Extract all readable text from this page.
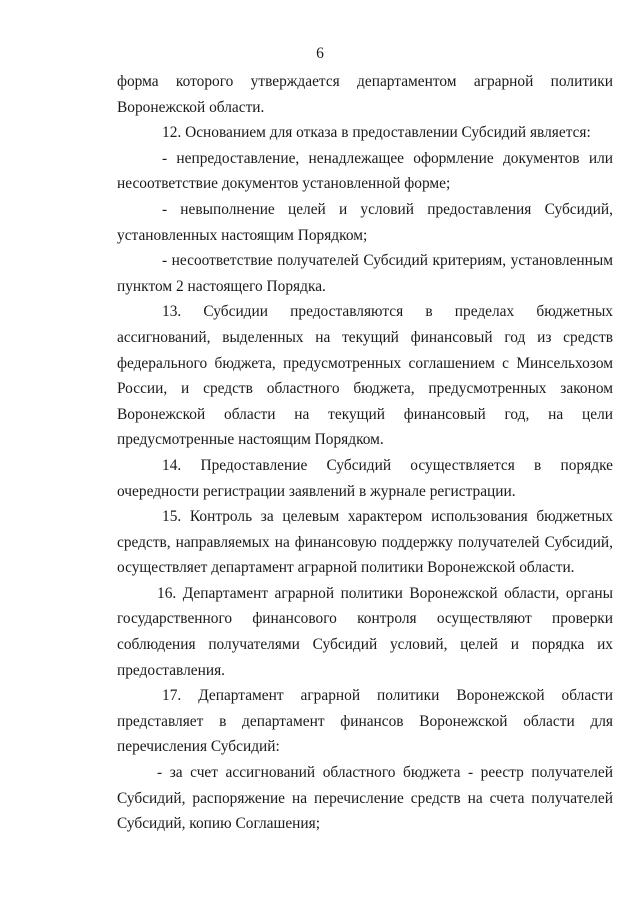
6

форма которого утверждается департаментом аграрной политики Воронежской области.

12. Основанием для отказа в предоставлении Субсидий является:

- непредоставление, ненадлежащее оформление документов или несоответствие документов установленной форме;

- невыполнение целей и условий предоставления Субсидий, установленных настоящим Порядком;

- несоответствие получателей Субсидий критериям, установленным пунктом 2 настоящего Порядка.

13. Субсидии предоставляются в пределах бюджетных ассигнований, выделенных на текущий финансовый год из средств федерального бюджета, предусмотренных соглашением с Минсельхозом России, и средств областного бюджета, предусмотренных законом Воронежской области на текущий финансовый год, на цели предусмотренные настоящим Порядком.

14. Предоставление Субсидий осуществляется в порядке очередности регистрации заявлений в журнале регистрации.

15. Контроль за целевым характером использования бюджетных средств, направляемых на финансовую поддержку получателей Субсидий, осуществляет департамент аграрной политики Воронежской области.

16. Департамент аграрной политики Воронежской области, органы государственного финансового контроля осуществляют проверки соблюдения получателями Субсидий условий, целей и порядка их предоставления.

17. Департамент аграрной политики Воронежской области представляет в департамент финансов Воронежской области для перечисления Субсидий:

- за счет ассигнований областного бюджета - реестр получателей Субсидий, распоряжение на перечисление средств на счета получателей Субсидий, копию Соглашения;
